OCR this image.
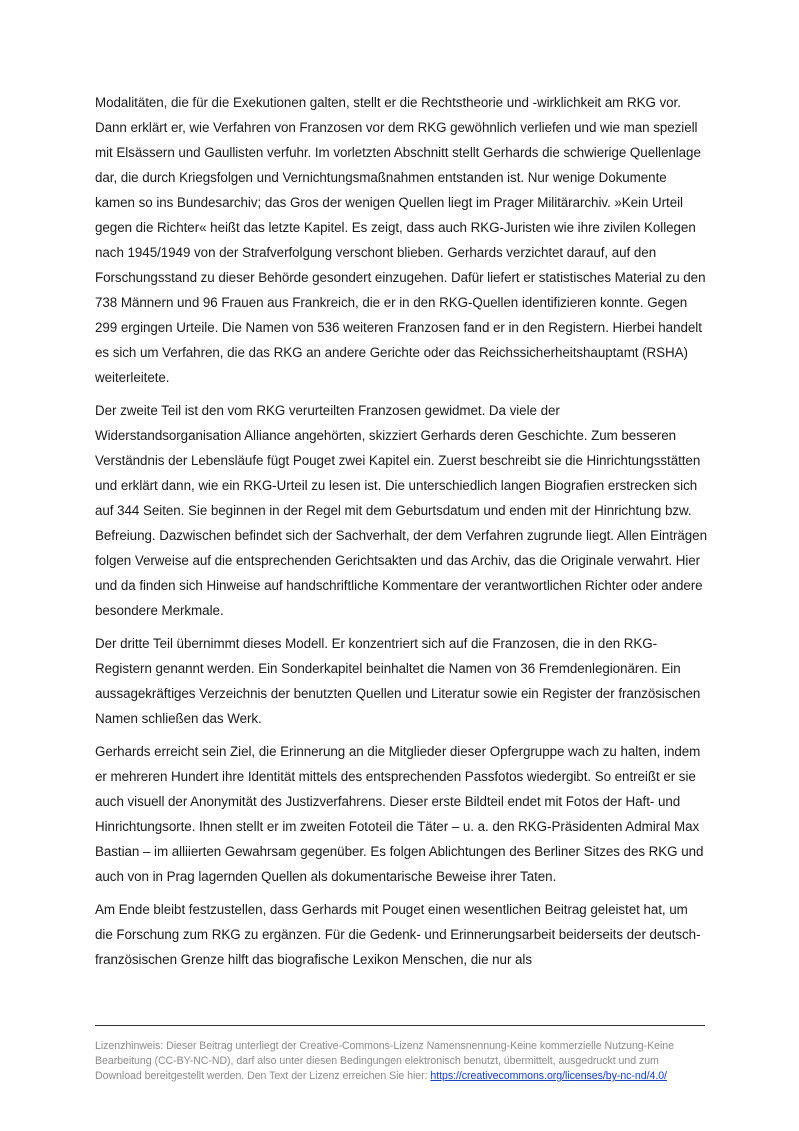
Modalitäten, die für die Exekutionen galten, stellt er die Rechtstheorie und -wirklichkeit am RKG vor. Dann erklärt er, wie Verfahren von Franzosen vor dem RKG gewöhnlich verliefen und wie man speziell mit Elsässern und Gaullisten verfuhr. Im vorletzten Abschnitt stellt Gerhards die schwierige Quellenlage dar, die durch Kriegsfolgen und Vernichtungsmaßnahmen entstanden ist. Nur wenige Dokumente kamen so ins Bundesarchiv; das Gros der wenigen Quellen liegt im Prager Militärarchiv. »Kein Urteil gegen die Richter« heißt das letzte Kapitel. Es zeigt, dass auch RKG-Juristen wie ihre zivilen Kollegen nach 1945/1949 von der Strafverfolgung verschont blieben. Gerhards verzichtet darauf, auf den Forschungsstand zu dieser Behörde gesondert einzugehen. Dafür liefert er statistisches Material zu den 738 Männern und 96 Frauen aus Frankreich, die er in den RKG-Quellen identifizieren konnte. Gegen 299 ergingen Urteile. Die Namen von 536 weiteren Franzosen fand er in den Registern. Hierbei handelt es sich um Verfahren, die das RKG an andere Gerichte oder das Reichssicherheitshauptamt (RSHA) weiterleitete.

Der zweite Teil ist den vom RKG verurteilten Franzosen gewidmet. Da viele der Widerstandsorganisation Alliance angehörten, skizziert Gerhards deren Geschichte. Zum besseren Verständnis der Lebensläufe fügt Pouget zwei Kapitel ein. Zuerst beschreibt sie die Hinrichtungsstätten und erklärt dann, wie ein RKG-Urteil zu lesen ist. Die unterschiedlich langen Biografien erstrecken sich auf 344 Seiten. Sie beginnen in der Regel mit dem Geburtsdatum und enden mit der Hinrichtung bzw. Befreiung. Dazwischen befindet sich der Sachverhalt, der dem Verfahren zugrunde liegt. Allen Einträgen folgen Verweise auf die entsprechenden Gerichtsakten und das Archiv, das die Originale verwahrt. Hier und da finden sich Hinweise auf handschriftliche Kommentare der verantwortlichen Richter oder andere besondere Merkmale.

Der dritte Teil übernimmt dieses Modell. Er konzentriert sich auf die Franzosen, die in den RKG-Registern genannt werden. Ein Sonderkapitel beinhaltet die Namen von 36 Fremdenlegionären. Ein aussagekräftiges Verzeichnis der benutzten Quellen und Literatur sowie ein Register der französischen Namen schließen das Werk.

Gerhards erreicht sein Ziel, die Erinnerung an die Mitglieder dieser Opfergruppe wach zu halten, indem er mehreren Hundert ihre Identität mittels des entsprechenden Passfotos wiedergibt. So entreißt er sie auch visuell der Anonymität des Justizverfahrens. Dieser erste Bildteil endet mit Fotos der Haft- und Hinrichtungsorte. Ihnen stellt er im zweiten Fototeil die Täter – u. a. den RKG-Präsidenten Admiral Max Bastian – im alliierten Gewahrsam gegenüber. Es folgen Ablichtungen des Berliner Sitzes des RKG und auch von in Prag lagernden Quellen als dokumentarische Beweise ihrer Taten.

Am Ende bleibt festzustellen, dass Gerhards mit Pouget einen wesentlichen Beitrag geleistet hat, um die Forschung zum RKG zu ergänzen. Für die Gedenk- und Erinnerungsarbeit beiderseits der deutsch-französischen Grenze hilft das biografische Lexikon Menschen, die nur als

Lizenzhinweis: Dieser Beitrag unterliegt der Creative-Commons-Lizenz Namensnennung-Keine kommerzielle Nutzung-Keine Bearbeitung (CC-BY-NC-ND), darf also unter diesen Bedingungen elektronisch benutzt, übermittelt, ausgedruckt und zum Download bereitgestellt werden. Den Text der Lizenz erreichen Sie hier: https://creativecommons.org/licenses/by-nc-nd/4.0/
